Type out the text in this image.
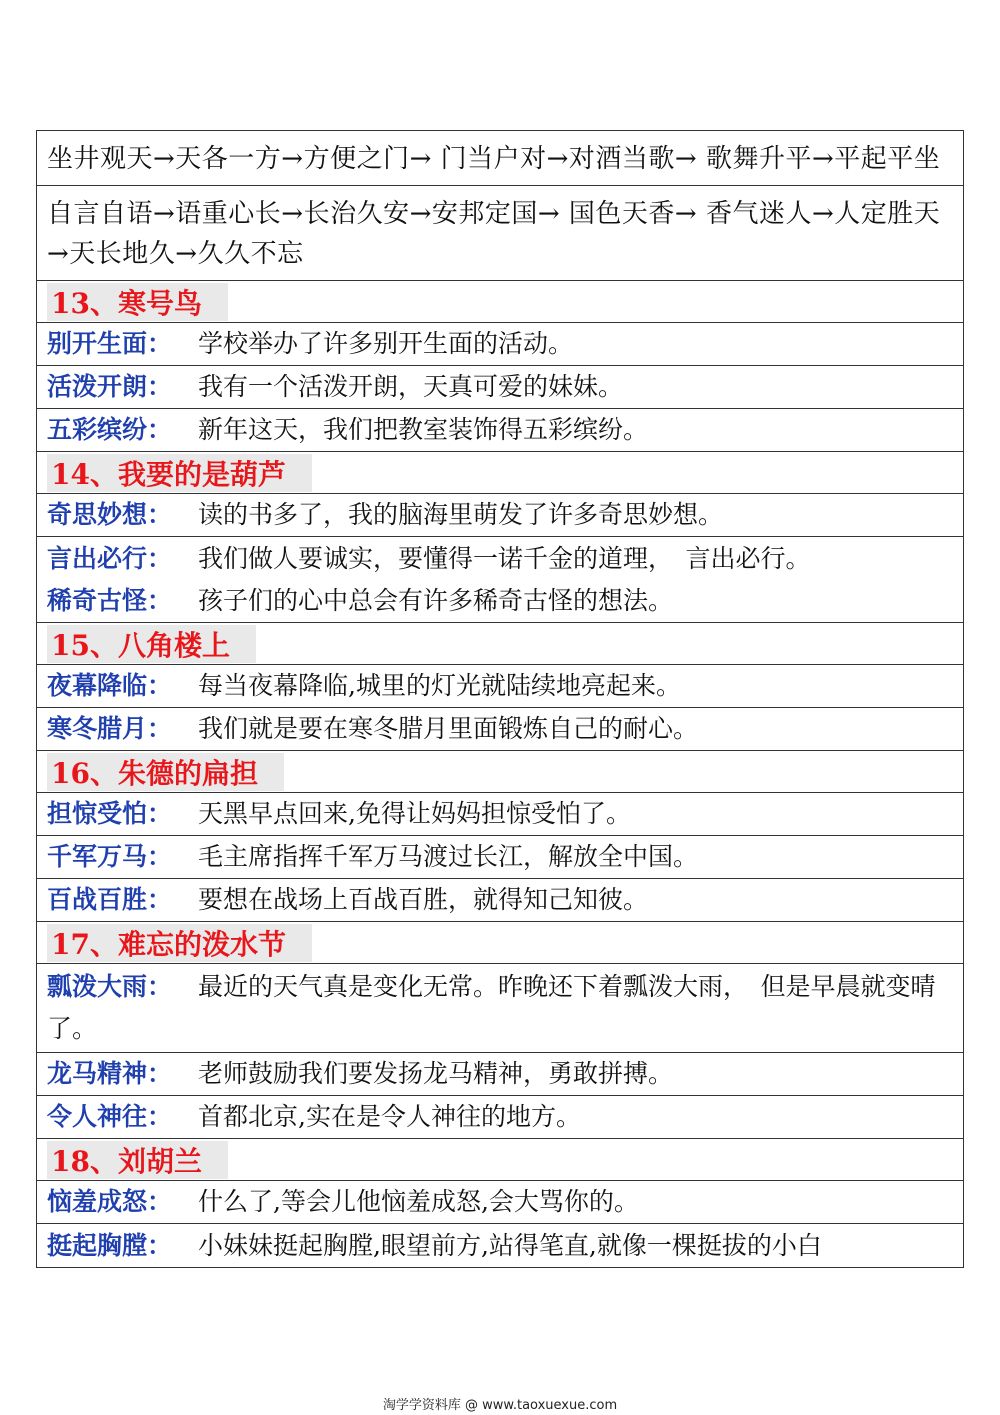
坐井观天→天各一方→方便之门→ 门当户对→对酒当歌→ 歌舞升平→平起平坐
自言自语→语重心长→长治久安→安邦定国→ 国色天香→ 香气迷人→人定胜天→天长地久→久久不忘
13、寒号鸟
别开生面： 学校举办了许多别开生面的活动。
活泼开朗： 我有一个活泼开朗，天真可爱的妹妹。
五彩缤纷： 新年这天，我们把教室装饰得五彩缤纷。
14、我要的是葫芦
奇思妙想： 读的书多了，我的脑海里萌发了许多奇思妙想。
言出必行： 我们做人要诚实，要懂得一诺千金的道理，　言出必行。
稀奇古怪： 孩子们的心中总会有许多稀奇古怪的想法。
15、八角楼上
夜幕降临： 每当夜幕降临,城里的灯光就陆续地亮起来。
寒冬腊月： 我们就是要在寒冬腊月里面锻炼自己的耐心。
16、朱德的扁担
担惊受怕： 天黑早点回来,免得让妈妈担惊受怕了。
千军万马： 毛主席指挥千军万马渡过长江，解放全中国。
百战百胜： 要想在战场上百战百胜，就得知己知彼。
17、难忘的泼水节
瓢泼大雨： 最近的天气真是变化无常。昨晚还下着瓢泼大雨，　但是早晨就变晴了。
龙马精神： 老师鼓励我们要发扬龙马精神，勇敢拼搏。
令人神往： 首都北京,实在是令人神往的地方。
18、刘胡兰
恼羞成怒： 什么了,等会儿他恼羞成怒,会大骂你的。
挺起胸膛： 小妹妹挺起胸膛,眼望前方,站得笔直,就像一棵挺拔的小白
淘学学资料库 @ www.taoxuexue.com
